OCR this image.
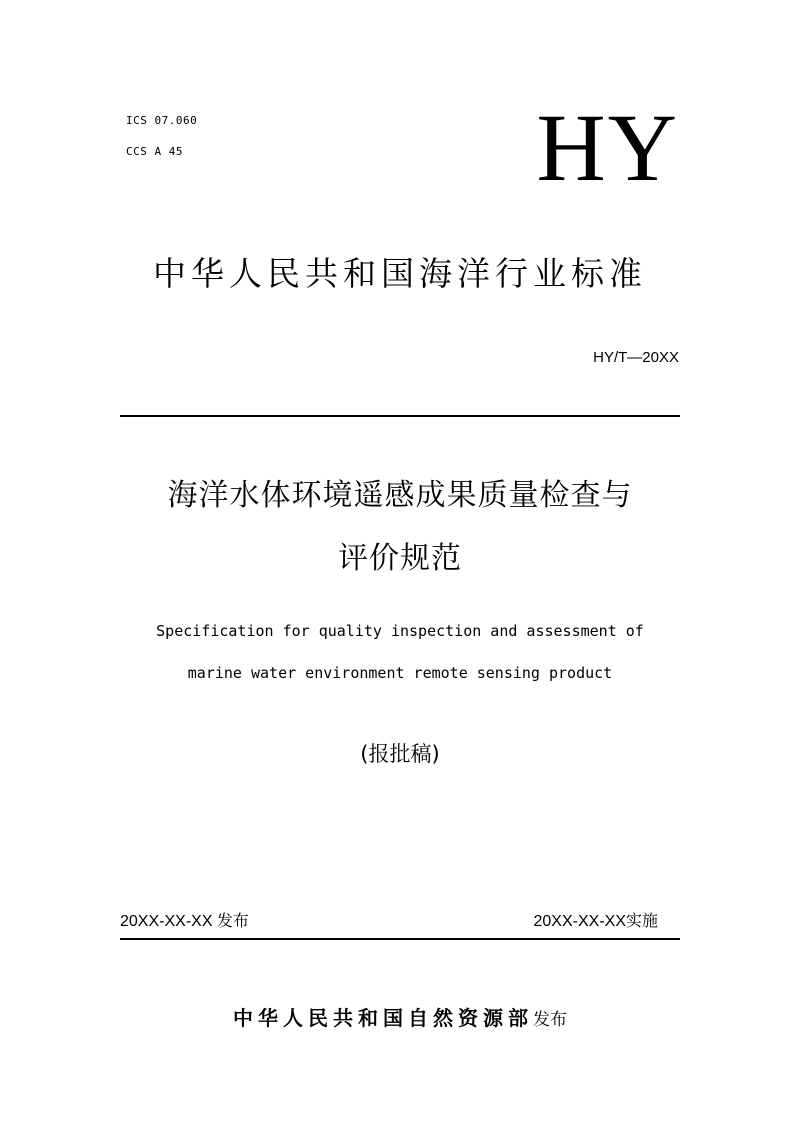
ICS 07.060
CCS A 45	HY
中华人民共和国海洋行业标准
HY/T—20XX
海洋水体环境遥感成果质量检查与
评价规范
Specification for quality inspection and assessment of
marine water environment remote sensing product
(报批稿)
20XX-XX-XX 发布	20XX-XX-XX实施
中华人民共和国自然资源部发布
